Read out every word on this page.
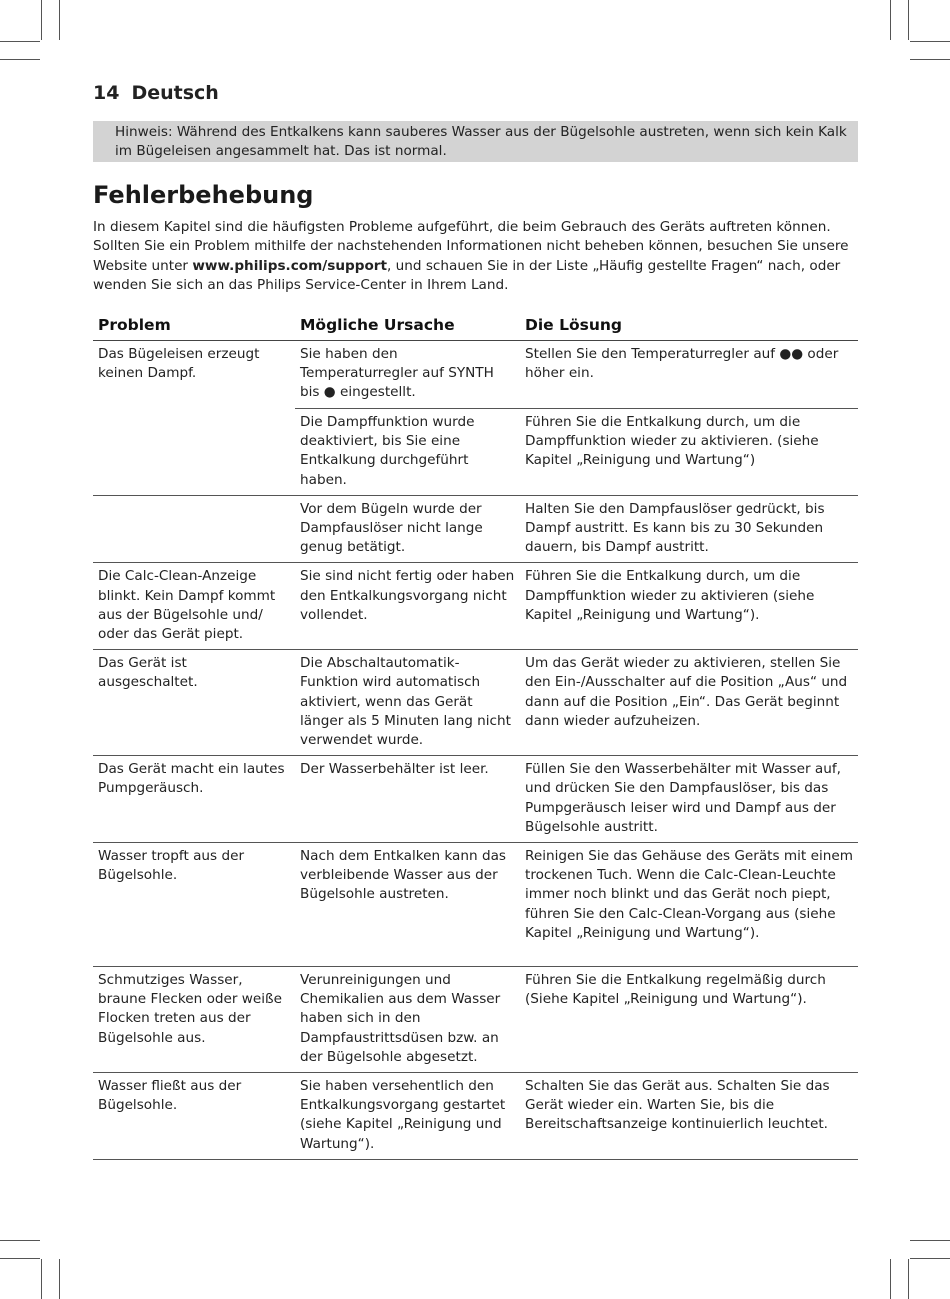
14 Deutsch
Hinweis: Während des Entkalkens kann sauberes Wasser aus der Bügelsohle austreten, wenn sich kein Kalk im Bügeleisen angesammelt hat. Das ist normal.
Fehlerbehebung
In diesem Kapitel sind die häufigsten Probleme aufgeführt, die beim Gebrauch des Geräts auftreten können. Sollten Sie ein Problem mithilfe der nachstehenden Informationen nicht beheben können, besuchen Sie unsere Website unter www.philips.com/support, und schauen Sie in der Liste „Häufig gestellte Fragen“ nach, oder wenden Sie sich an das Philips Service-Center in Ihrem Land.
Problem	Mögliche Ursache	Die Lösung
Das Bügeleisen erzeugt keinen Dampf.	Sie haben den Temperaturregler auf SYNTH bis ● eingestellt.	Stellen Sie den Temperaturregler auf ●● oder höher ein.
	Die Dampffunktion wurde deaktiviert, bis Sie eine Entkalkung durchgeführt haben.	Führen Sie die Entkalkung durch, um die Dampffunktion wieder zu aktivieren. (siehe Kapitel „Reinigung und Wartung“)
	Vor dem Bügeln wurde der Dampfauslöser nicht lange genug betätigt.	Halten Sie den Dampfauslöser gedrückt, bis Dampf austritt. Es kann bis zu 30 Sekunden dauern, bis Dampf austritt.
Die Calc-Clean-Anzeige blinkt. Kein Dampf kommt aus der Bügelsohle und/ oder das Gerät piept.	Sie sind nicht fertig oder haben den Entkalkungsvorgang nicht vollendet.	Führen Sie die Entkalkung durch, um die Dampffunktion wieder zu aktivieren (siehe Kapitel „Reinigung und Wartung“).
Das Gerät ist ausgeschaltet.	Die Abschaltautomatik-Funktion wird automatisch aktiviert, wenn das Gerät länger als 5 Minuten lang nicht verwendet wurde.	Um das Gerät wieder zu aktivieren, stellen Sie den Ein-/Ausschalter auf die Position „Aus“ und dann auf die Position „Ein“. Das Gerät beginnt dann wieder aufzuheizen.
Das Gerät macht ein lautes Pumpgeräusch.	Der Wasserbehälter ist leer.	Füllen Sie den Wasserbehälter mit Wasser auf, und drücken Sie den Dampfauslöser, bis das Pumpgeräusch leiser wird und Dampf aus der Bügelsohle austritt.
Wasser tropft aus der Bügelsohle.	Nach dem Entkalken kann das verbleibende Wasser aus der Bügelsohle austreten.	Reinigen Sie das Gehäuse des Geräts mit einem trockenen Tuch. Wenn die Calc-Clean-Leuchte immer noch blinkt und das Gerät noch piept, führen Sie den Calc-Clean-Vorgang aus (siehe Kapitel „Reinigung und Wartung“).
Schmutziges Wasser, braune Flecken oder weiße Flocken treten aus der Bügelsohle aus.	Verunreinigungen und Chemikalien aus dem Wasser haben sich in den Dampfaustrittsdüsen bzw. an der Bügelsohle abgesetzt.	Führen Sie die Entkalkung regelmäßig durch (Siehe Kapitel „Reinigung und Wartung“).
Wasser fließt aus der Bügelsohle.	Sie haben versehentlich den Entkalkungsvorgang gestartet (siehe Kapitel „Reinigung und Wartung“).	Schalten Sie das Gerät aus. Schalten Sie das Gerät wieder ein. Warten Sie, bis die Bereitschaftsanzeige kontinuierlich leuchtet.
